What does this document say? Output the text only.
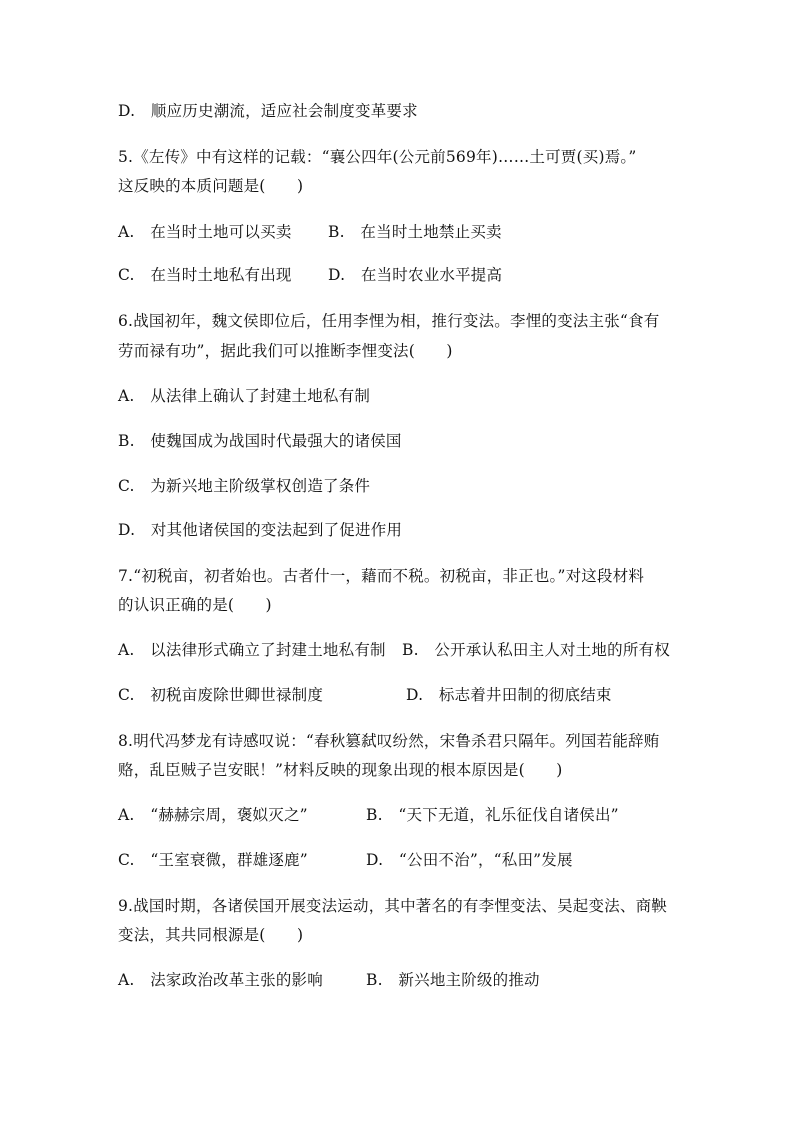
D.　顺应历史潮流，适应社会制度变革要求
5.《左传》中有这样的记载：“襄公四年(公元前569年)……土可贾(买)焉。”
这反映的本质问题是(　　)
A.　在当时土地可以买卖 B.　在当时土地禁止买卖
C.　在当时土地私有出现 D.　在当时农业水平提高
6.战国初年，魏文侯即位后，任用李悝为相，推行变法。李悝的变法主张“食有
劳而禄有功”，据此我们可以推断李悝变法(　　)
A.　从法律上确认了封建土地私有制
B.　使魏国成为战国时代最强大的诸侯国
C.　为新兴地主阶级掌权创造了条件
D.　对其他诸侯国的变法起到了促进作用
7.“初税亩，初者始也。古者什一，藉而不税。初税亩，非正也。”对这段材料
的认识正确的是(　　)
A.　以法律形式确立了封建土地私有制 B.　公开承认私田主人对土地的所有权
C.　初税亩废除世卿世禄制度	D.　标志着井田制的彻底结束
8.明代冯梦龙有诗感叹说：“春秋篡弑叹纷然，宋鲁杀君只隔年。列国若能辞贿
赂，乱臣贼子岂安眠！”材料反映的现象出现的根本原因是(　　)
A.　“赫赫宗周，褒姒灭之”	B.　“天下无道，礼乐征伐自诸侯出”
C.　“王室衰微，群雄逐鹿”	D.　“公田不治”，“私田”发展
9.战国时期，各诸侯国开展变法运动，其中著名的有李悝变法、吴起变法、商鞅
变法，其共同根源是(　　)
A.　法家政治改革主张的影响	B.　新兴地主阶级的推动
